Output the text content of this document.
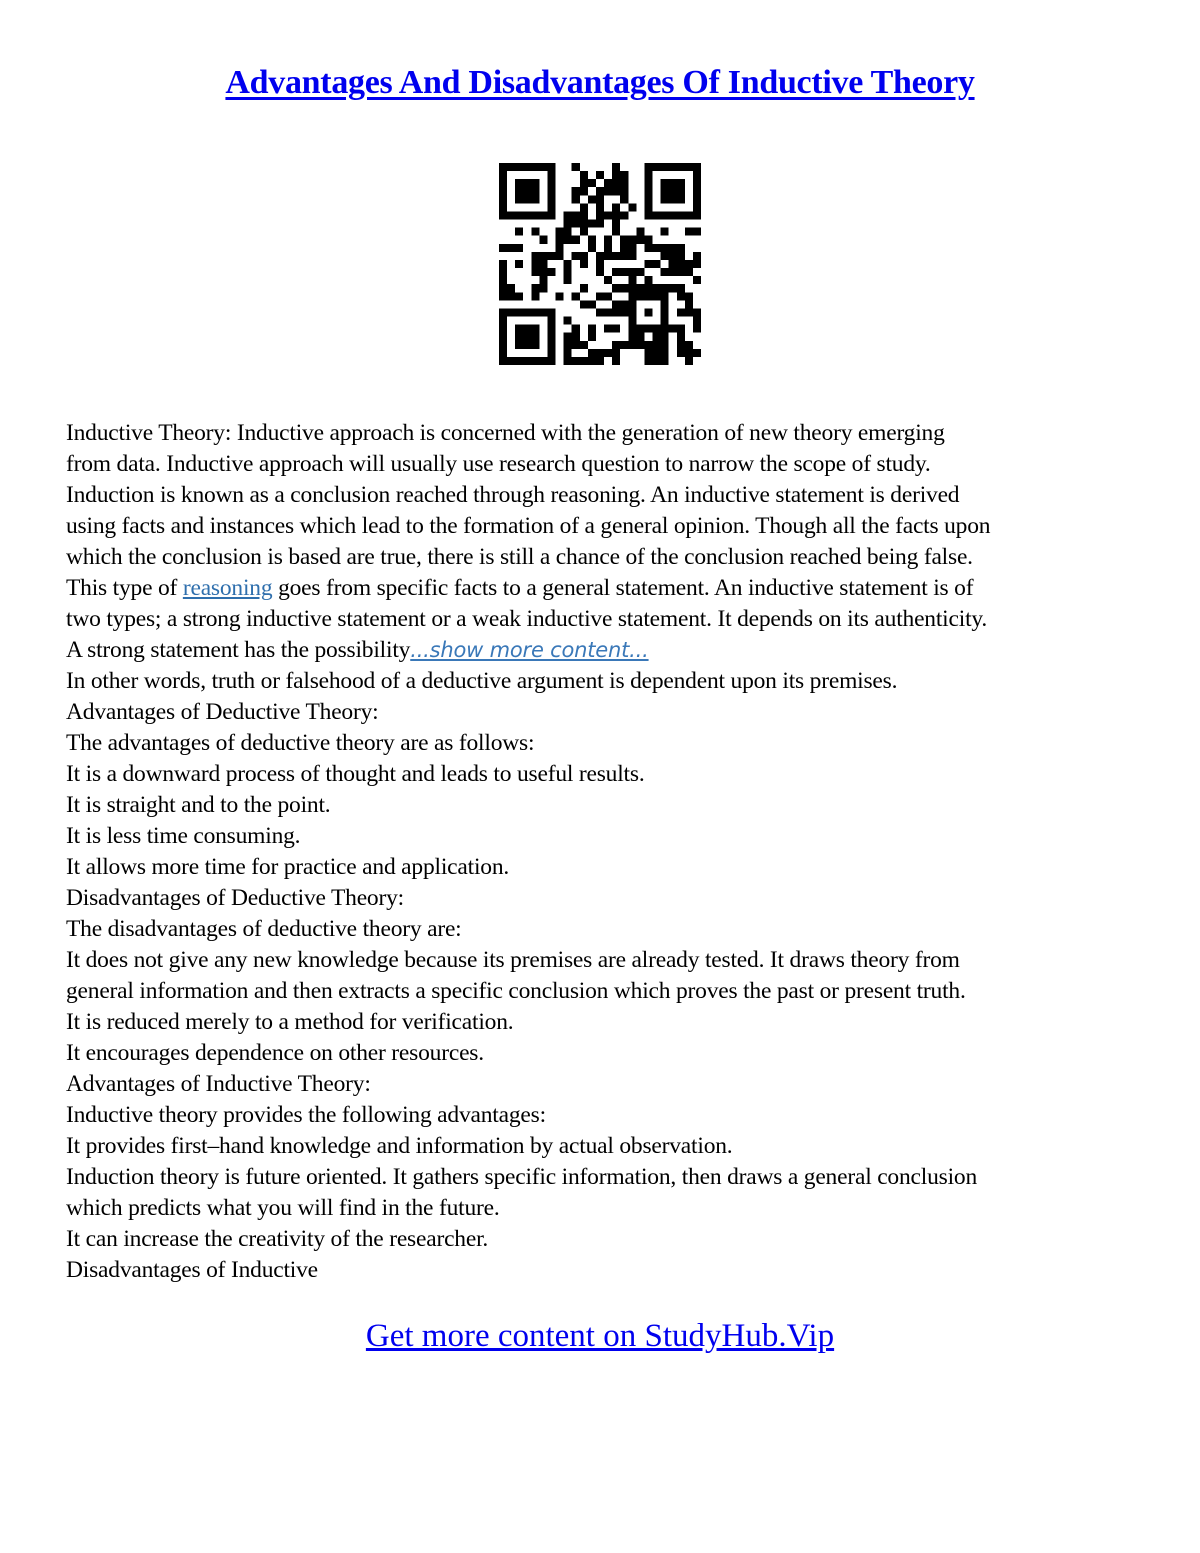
Advantages And Disadvantages Of Inductive Theory
Inductive Theory: Inductive approach is concerned with the generation of new theory emerging
from data. Inductive approach will usually use research question to narrow the scope of study.
Induction is known as a conclusion reached through reasoning. An inductive statement is derived
using facts and instances which lead to the formation of a general opinion. Though all the facts upon
which the conclusion is based are true, there is still a chance of the conclusion reached being false.
This type of reasoning goes from specific facts to a general statement. An inductive statement is of
two types; a strong inductive statement or a weak inductive statement. It depends on its authenticity.
A strong statement has the possibility...show more content...
In other words, truth or falsehood of a deductive argument is dependent upon its premises.
Advantages of Deductive Theory:
The advantages of deductive theory are as follows:
It is a downward process of thought and leads to useful results.
It is straight and to the point.
It is less time consuming.
It allows more time for practice and application.
Disadvantages of Deductive Theory:
The disadvantages of deductive theory are:
It does not give any new knowledge because its premises are already tested. It draws theory from
general information and then extracts a specific conclusion which proves the past or present truth.
It is reduced merely to a method for verification.
It encourages dependence on other resources.
Advantages of Inductive Theory:
Inductive theory provides the following advantages:
It provides first–hand knowledge and information by actual observation.
Induction theory is future oriented. It gathers specific information, then draws a general conclusion
which predicts what you will find in the future.
It can increase the creativity of the researcher.
Disadvantages of Inductive
Get more content on StudyHub.Vip
